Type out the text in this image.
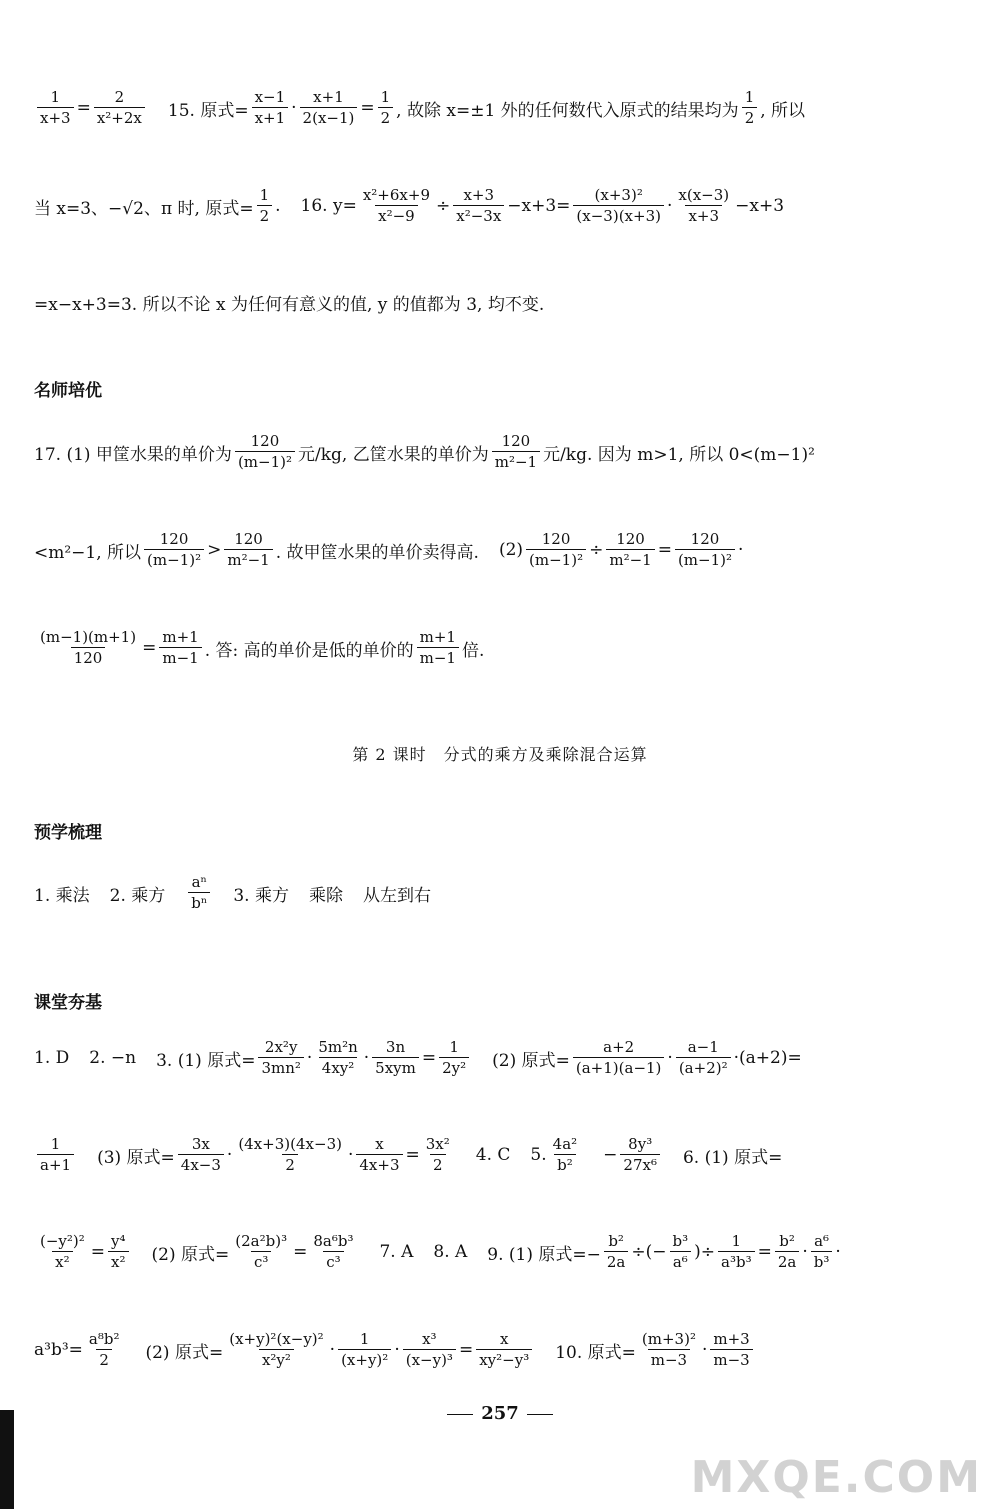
名师培优
第 2 课时　分式的乘方及乘除混合运算
预学梳理
课堂夯基
$\frac{1}{x+3} = \frac{2}{\text{x²+2x}} 15$. 原式= $\frac{x-1}{x+1} \cdot \frac{x+1}{2(x-1)} = \frac{1}{2}$ , 故除 x=±1 外的任何数代入原式的结果均为 $\frac{1}{2}$ , 所以
当 x=3、−√2、π 时, 原式= $\frac{1}{2}$ . 16. $y= \frac{\text{x²+6x+9}}{\text{x²−9}} \div \frac{x+3}{\text{x²−3x}} -x+3= \frac{\text{(x+3)²}}{(x-3)(x+3)} \cdot \frac{x(x-3)}{x+3} -x+3$
=x−x+3=3. 所以不论 x 为任何有意义的值, y 的值都为 3, 均不变.
17. (1) 甲筐水果的单价为 $\frac{120}{\text{(m−1)²}}$ 元/kg, 乙筐水果的单价为 $\frac{120}{\text{m²−1}}$ 元/kg. 因为 m>1, 所以 0<(m−1)²
<m²−1, 所以 $\frac{120}{\text{(m−1)²}} > \frac{120}{\text{m²−1}}$ . 故甲筐水果的单价卖得高. $(2) \frac{120}{\text{(m−1)²}} \div \frac{120}{\text{m²−1}} = \frac{120}{\text{(m−1)²}}$ ·
$\frac{(m-1)(m+1)}{120} = \frac{m+1}{m-1}$ . 答: 高的单价是低的单价的 $\frac{m+1}{m-1}$ 倍.
1. 乘法 2. 乘方 $\frac{\text{aⁿ}}{\text{bⁿ}} 3$. 乘方 乘除 从左到右
1. D 2. −n 3. (1) 原式= $\frac{\text{2x²y}}{\text{3mn²}} \cdot \frac{\text{5m²n}}{\text{4xy²}}$ ·
3n
$5xym = \frac{1}{\text{2y²}} (2)$ 原式= $\frac{a+2}{(a+1)(a-1)} \cdot \frac{a-1}{\text{(a+2)²}} \cdot(a+2)=$
$\frac{1}{a+1} (3)$ 原式= $\frac{3x}{4x-3} \cdot \frac{(4x+3)(4x-3)}{2} \cdot \frac{x}{4x+3} = \frac{\text{3x²}}{2} 4$. C 5. $\frac{\text{4a²}}{\text{b²}} - \frac{\text{8y³}}{\text{27x⁶}} 6$. (1) 原式=
$\frac{\text{(−y²)²}}{\text{x²}} = \frac{\text{y⁴}}{\text{x²}} (2)$ 原式= $\frac{\text{(2a²b)³}}{\text{c³}} = \frac{\text{8a⁶b³}}{\text{c³}} 7$. A 8. A 9. (1) 原式=− $\frac{\text{b²}}{2a}$ ÷(− $\frac{\text{b³}}{\text{a⁶}}$ )÷ $\frac{1}{\text{a³b³}} = \frac{\text{b²}}{2a} \cdot \frac{\text{a⁶}}{\text{b³}}$ ·
$a^3b^3= \frac{\text{a⁸b²}}{2} (2)$ 原式= $\frac{\text{(x+y)²(x−y)²}}{\text{x²y²}} \cdot \frac{1}{\text{(x+y)²}} \cdot \frac{\text{x³}}{\text{(x−y)³}} = \frac{x}{\text{xy²−y³}} 10$. 原式= $\frac{\text{(m+3)²}}{m-3} \cdot \frac{m+3}{m-3}$
257
MXQE.COM
